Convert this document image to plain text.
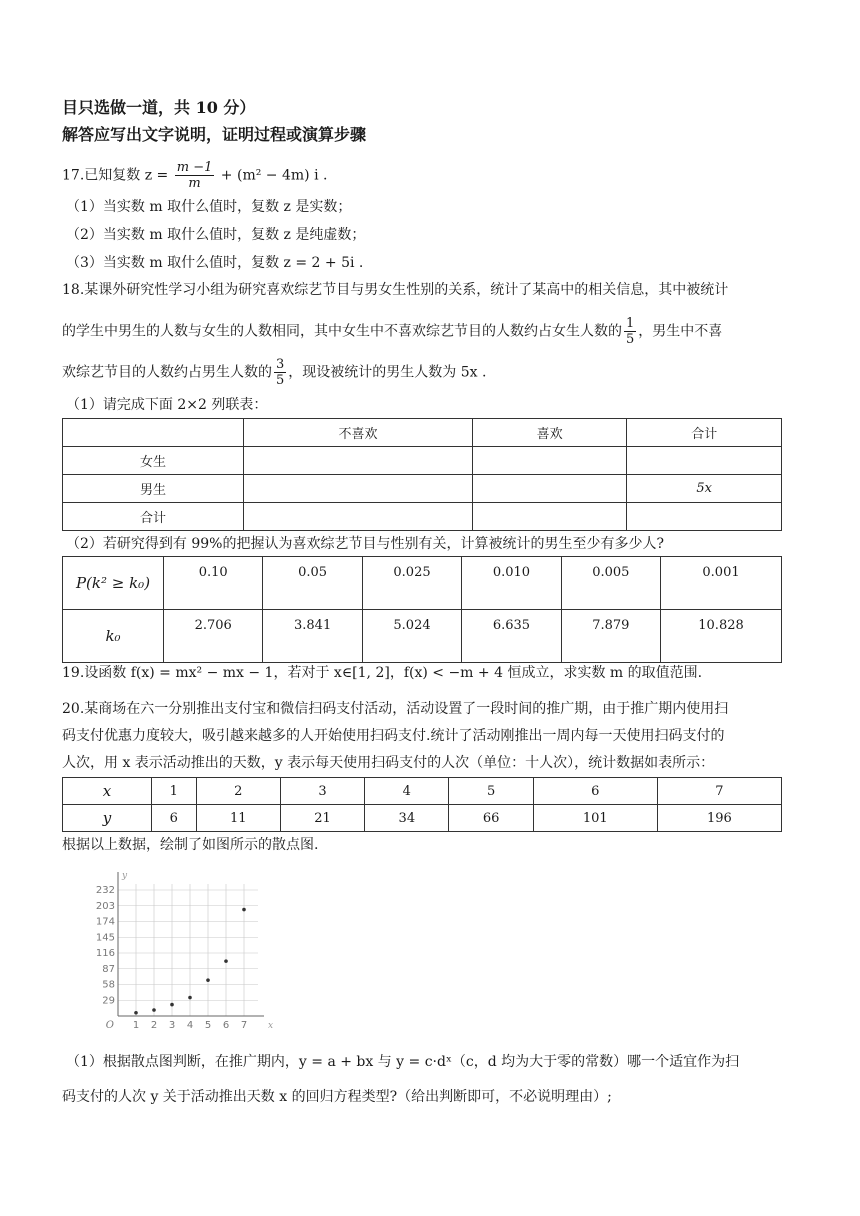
目只选做一道，共 10 分）
解答应写出文字说明，证明过程或演算步骤
17.已知复数 $z = \frac{m -1}{m} + (m^2 - 4m)$ i .
（1）当实数 m 取什么值时，复数 z 是实数；
（2）当实数 m 取什么值时，复数 z 是纯虚数；
（3）当实数 m 取什么值时，复数 z = 2 + 5i .
18.某课外研究性学习小组为研究喜欢综艺节目与男女生性别的关系，统计了某高中的相关信息，其中被统计
的学生中男生的人数与女生的人数相同，其中女生中不喜欢综艺节目的人数约占女生人数的 $\frac{1}{5}$ ，男生中不喜
欢综艺节目的人数约占男生人数的 $\frac{3}{5}$ ，现设被统计的男生人数为 5x .
（1）请完成下面 2×2 列联表：
	不喜欢	喜欢	合计
女生			
男生			5x
合计			
（2）若研究得到有 99%的把握认为喜欢综艺节目与性别有关，计算被统计的男生至少有多少人?
P(k² ≥ k₀)	0.10	0.05	0.025	0.010	0.005	0.001
k₀	2.706	3.841	5.024	6.635	7.879	10.828
19.设函数 f(x) = mx² − mx − 1，若对于 x∈[1, 2]，f(x) < −m + 4 恒成立，求实数 m 的取值范围.
20.某商场在六一分别推出支付宝和微信扫码支付活动，活动设置了一段时间的推广期，由于推广期内使用扫
码支付优惠力度较大，吸引越来越多的人开始使用扫码支付.统计了活动刚推出一周内每一天使用扫码支付的
人次，用 x 表示活动推出的天数，y 表示每天使用扫码支付的人次（单位：十人次），统计数据如表所示：
x	1	2	3	4	5	6	7
y	6	11	21	34	66	101	196
根据以上数据，绘制了如图所示的散点图.
29
58
87
116
145
174
203
232
1 2 3 4 5 6 7
O	x
y
（1）根据散点图判断，在推广期内，y = a + bx 与 y = c·dˣ（c，d 均为大于零的常数）哪一个适宜作为扫
码支付的人次 y 关于活动推出天数 x 的回归方程类型?（给出判断即可，不必说明理由）;
